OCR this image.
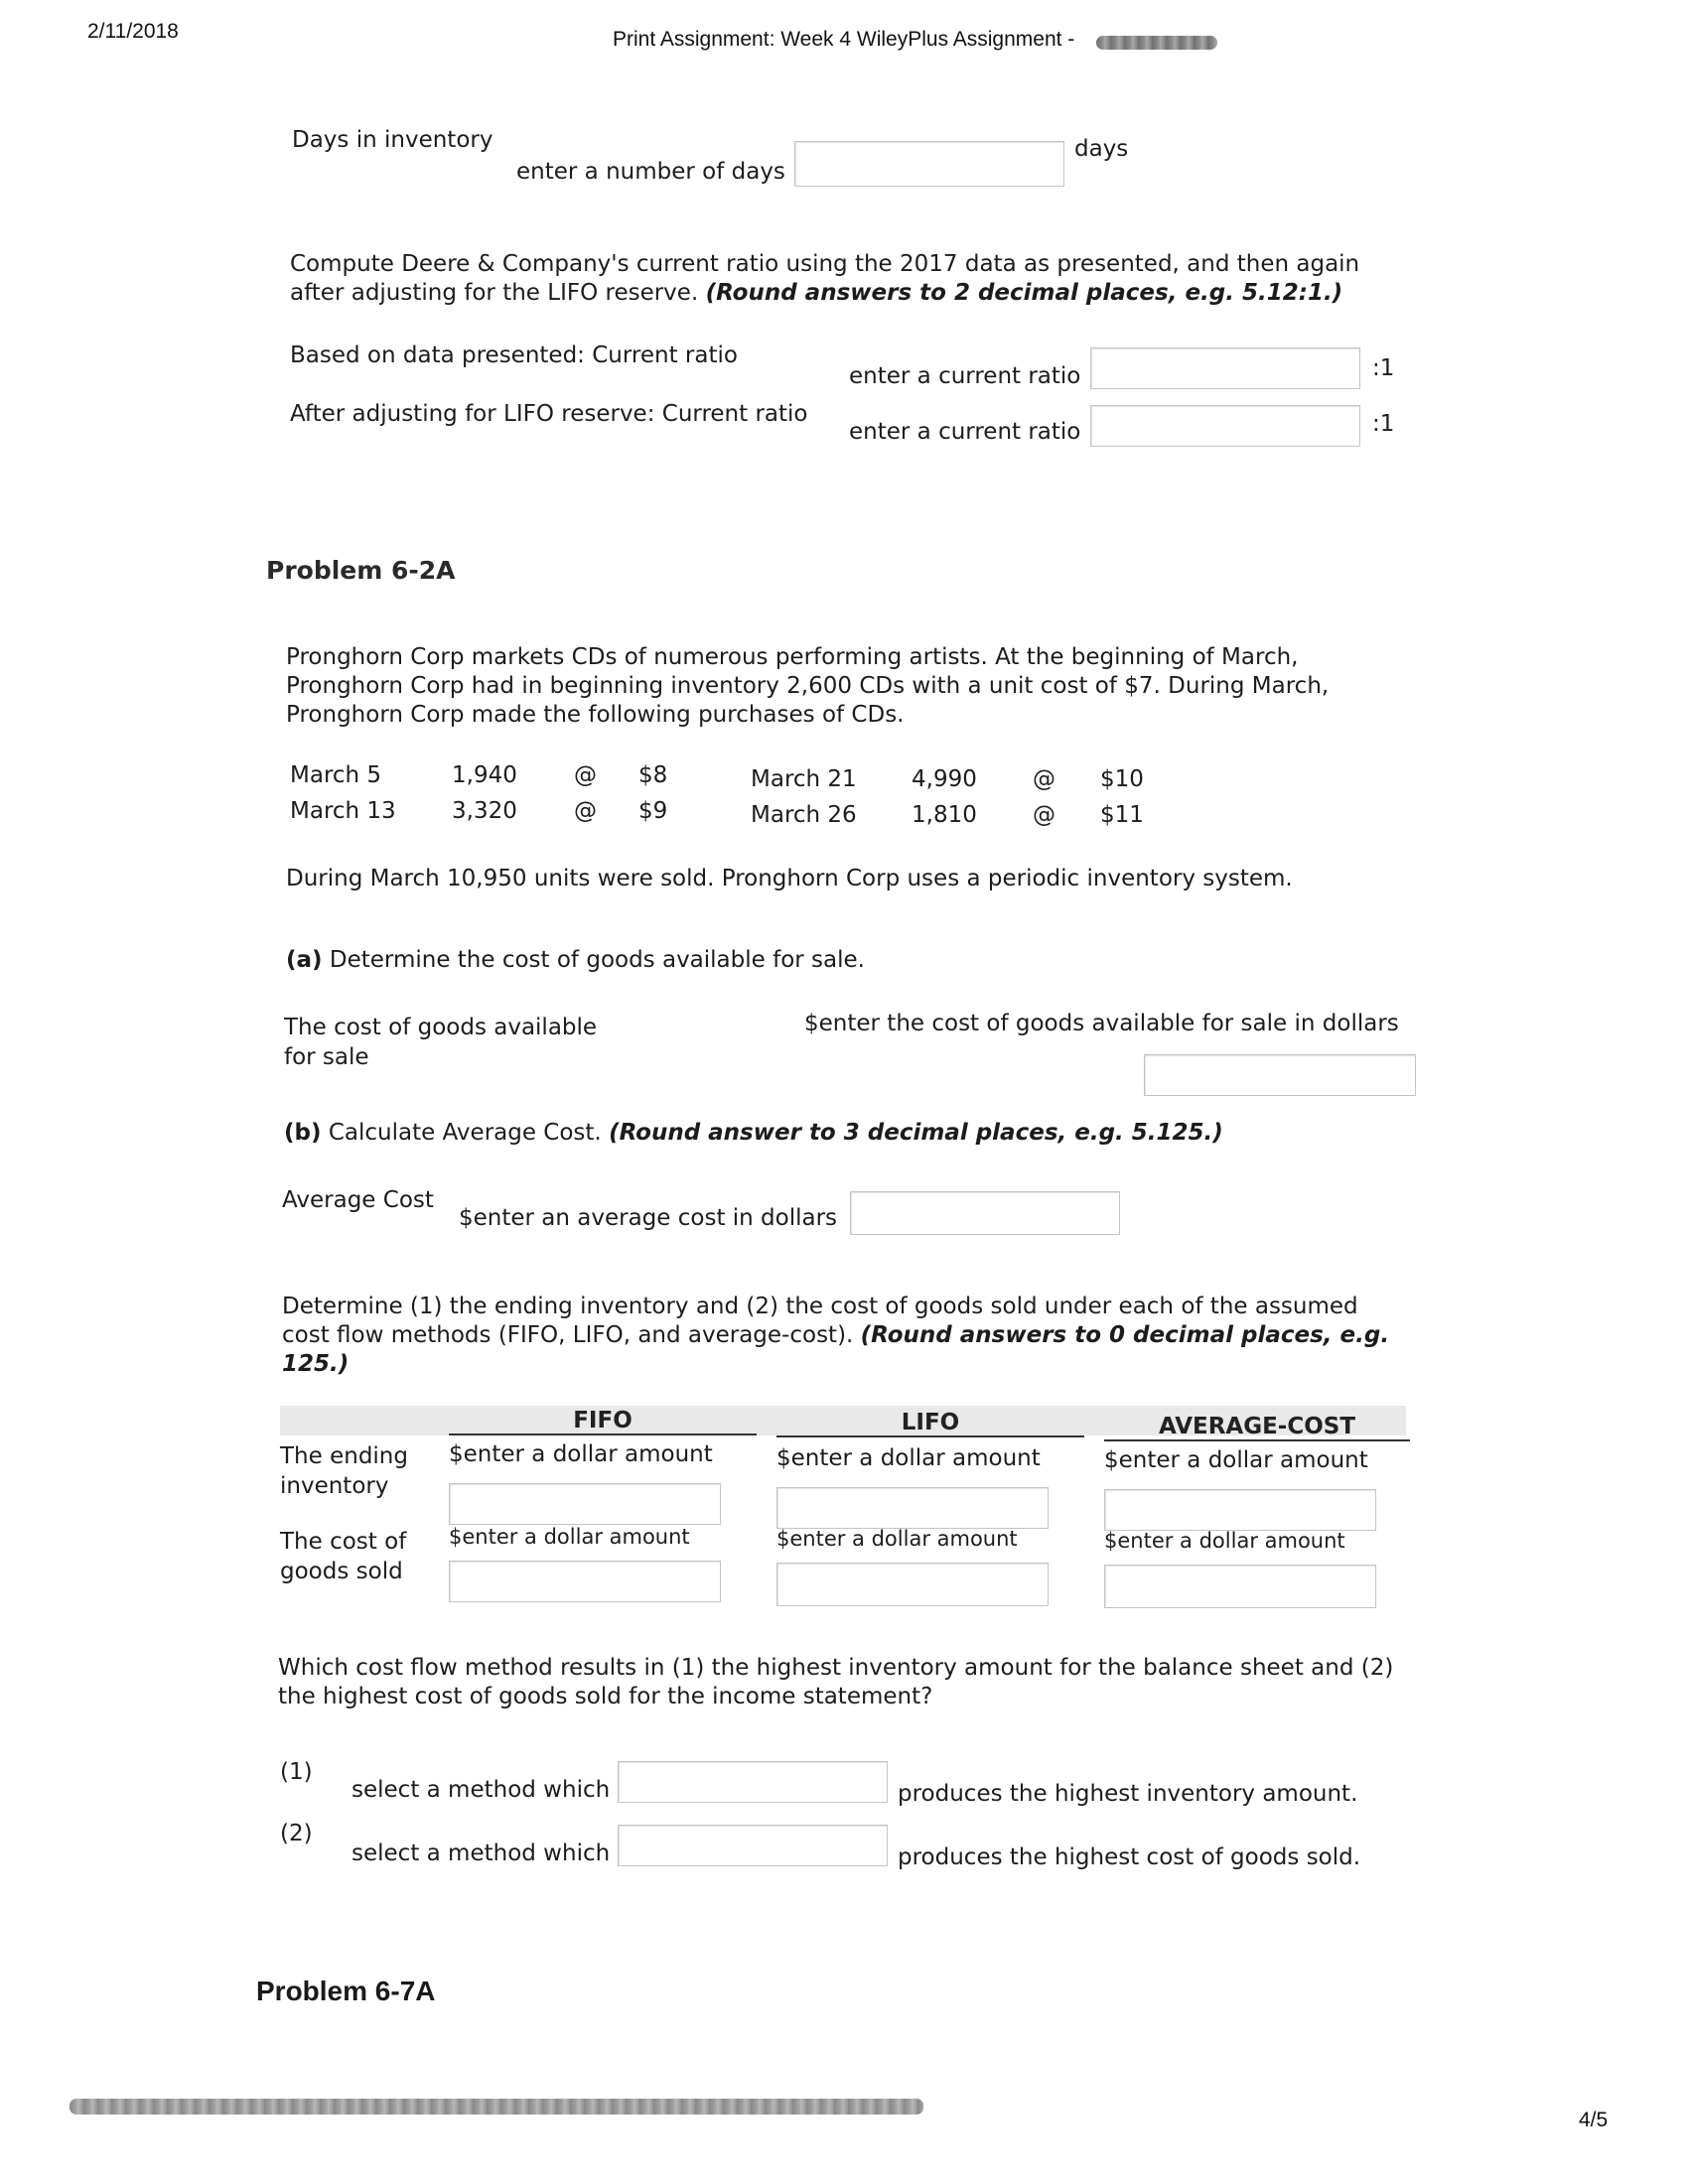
2/11/2018	Print Assignment: Week 4 WileyPlus Assignment -
Days in inventory
enter a number of days
days
Compute Deere & Company's current ratio using the 2017 data as presented, and then again after adjusting for the LIFO reserve. (Round answers to 2 decimal places, e.g. 5.12:1.)
Based on data presented: Current ratio
enter a current ratio	:1
After adjusting for LIFO reserve: Current ratio
enter a current ratio	:1
Problem 6-2A
Pronghorn Corp markets CDs of numerous performing artists. At the beginning of March, Pronghorn Corp had in beginning inventory 2,600 CDs with a unit cost of $7. During March, Pronghorn Corp made the following purchases of CDs.
March 5	1,940 @ $8
March 13 3,320 @ $9
March 21 4,990 @ $10
March 26 1,810 @ $11
During March 10,950 units were sold. Pronghorn Corp uses a periodic inventory system.
(a) Determine the cost of goods available for sale.
The cost of goods available
for sale
$enter the cost of goods available for sale in dollars
(b) Calculate Average Cost. (Round answer to 3 decimal places, e.g. 5.125.)
Average Cost
$enter an average cost in dollars
Determine (1) the ending inventory and (2) the cost of goods sold under each of the assumed cost flow methods (FIFO, LIFO, and average-cost). (Round answers to 0 decimal places, e.g. 125.)
FIFO	LIFO	AVERAGE-COST
The ending
inventory
$enter a dollar amount	$enter a dollar amount	$enter a dollar amount
The cost of
goods sold
$enter a dollar amount	$enter a dollar amount	$enter a dollar amount
Which cost flow method results in (1) the highest inventory amount for the balance sheet and (2) the highest cost of goods sold for the income statement?
(1)
select a method which	produces the highest inventory amount.
(2)
select a method which	produces the highest cost of goods sold.
Problem 6-7A
4/5
